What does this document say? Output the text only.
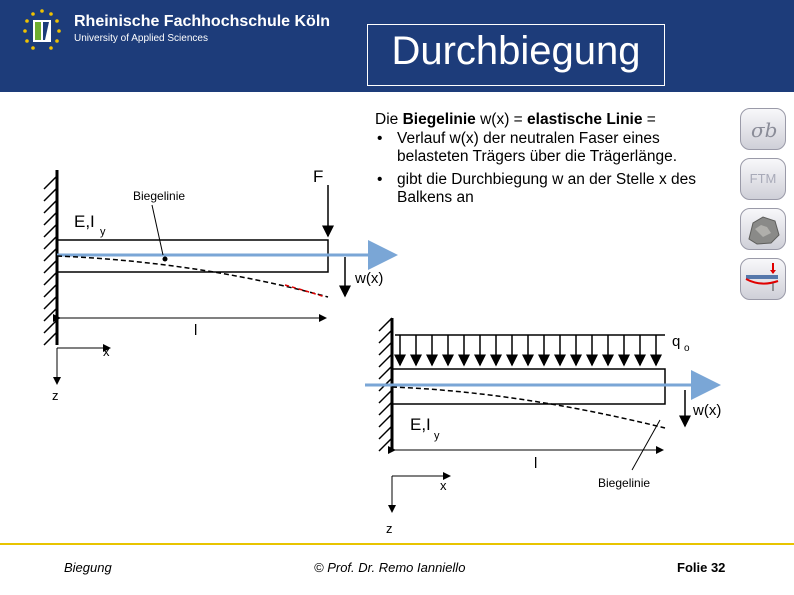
Rheinische Fachhochschule Köln
University of Applied Sciences	Durchbiegung
Die Biegelinie w(x) = elastische Linie =
• Verlauf w(x) der neutralen Faser eines belasteten Trägers über die Trägerlänge.
• gibt die Durchbiegung w an der Stelle x des Balkens an
σb
FTM
F
E,I
y
Biegelinie
w(x)
l
x
z
q o
E,I
y
w(x)
l
x
z
Biegelinie
Biegung	© Prof. Dr. Remo Ianniello	Folie 32
